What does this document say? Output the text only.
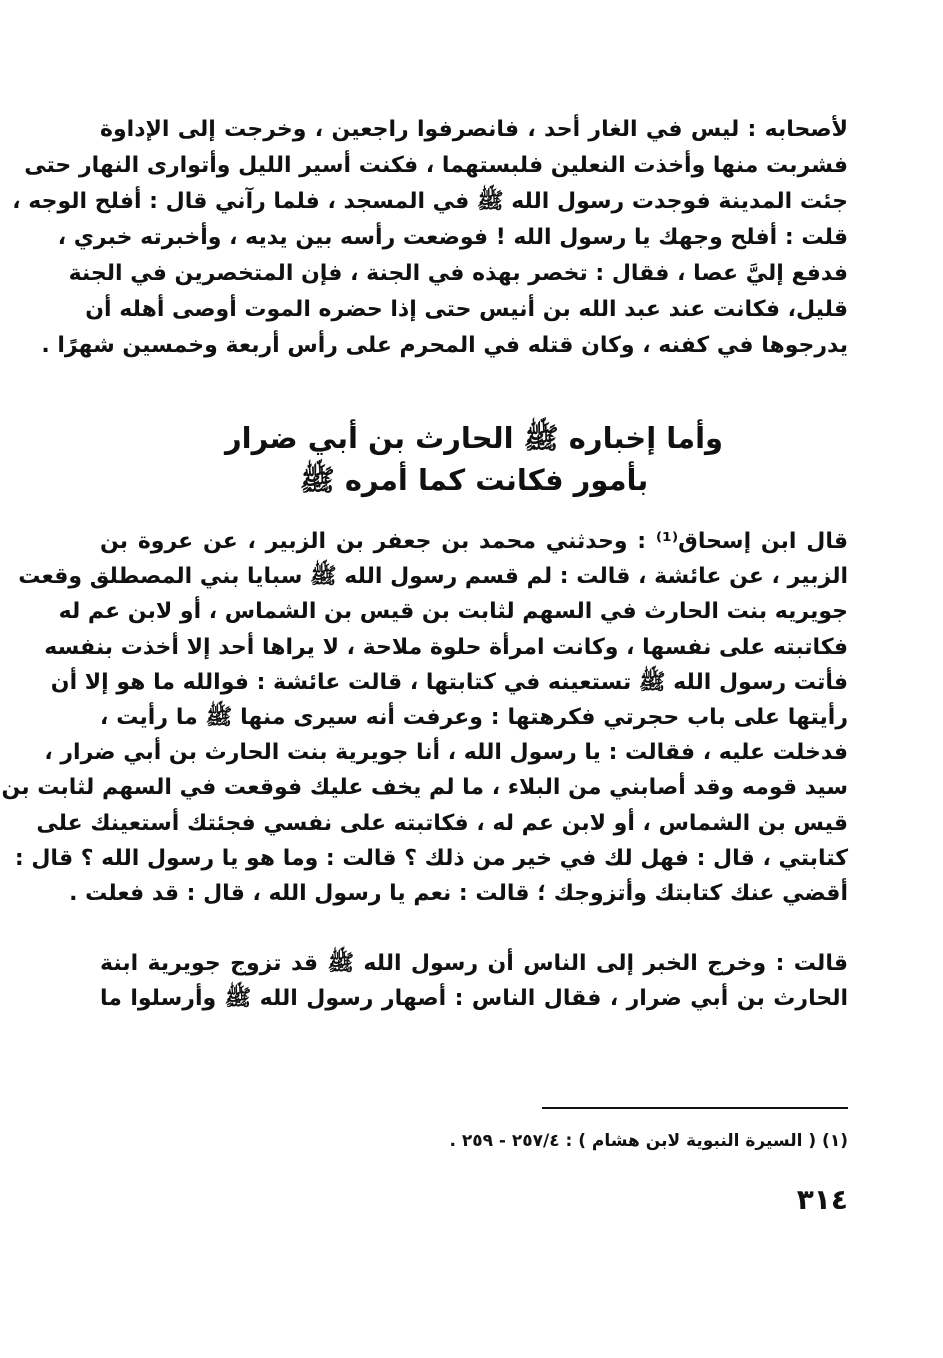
لأصحابه : ليس في الغار أحد ، فانصرفوا راجعين ، وخرجت إلى الإداوة
فشربت منها وأخذت النعلين فلبستهما ، فكنت أسير الليل وأتوارى النهار حتى
جئت المدينة فوجدت رسول الله ﷺ في المسجد ، فلما رآني قال : أفلح الوجه ،
قلت : أفلح وجهك يا رسول الله ! فوضعت رأسه بين يديه ، وأخبرته خبري ،
فدفع إليَّ عصا ، فقال : تخصر بهذه في الجنة ، فإن المتخصرين في الجنة
قليل، فكانت عند عبد الله بن أنيس حتى إذا حضره الموت أوصى أهله أن
يدرجوها في كفنه ، وكان قتله في المحرم على رأس أربعة وخمسين شهرًا .
وأما إخباره ﷺ الحارث بن أبي ضرار
بأمور فكانت كما أمره ﷺ
قال ابن إسحاق⁽¹⁾ : وحدثني محمد بن جعفر بن الزبير ، عن عروة بن
الزبير ، عن عائشة ، قالت : لم قسم رسول الله ﷺ سبايا بني المصطلق وقعت
جويريه بنت الحارث في السهم لثابت بن قيس بن الشماس ، أو لابن عم له
فكاتبته على نفسها ، وكانت امرأة حلوة ملاحة ، لا يراها أحد إلا أخذت بنفسه
فأتت رسول الله ﷺ تستعينه في كتابتها ، قالت عائشة : فوالله ما هو إلا أن
رأيتها على باب حجرتي فكرهتها : وعرفت أنه سيرى منها ﷺ ما رأيت ،
فدخلت عليه ، فقالت : يا رسول الله ، أنا جويرية بنت الحارث بن أبي ضرار ،
سيد قومه وقد أصابني من البلاء ، ما لم يخف عليك فوقعت في السهم لثابت بن
قيس بن الشماس ، أو لابن عم له ، فكاتبته على نفسي فجئتك أستعينك على
كتابتي ، قال : فهل لك في خير من ذلك ؟ قالت : وما هو يا رسول الله ؟ قال :
أقضي عنك كتابتك وأتزوجك ؛ قالت : نعم يا رسول الله ، قال : قد فعلت .
قالت : وخرج الخبر إلى الناس أن رسول الله ﷺ قد تزوج جويرية ابنة
الحارث بن أبي ضرار ، فقال الناس : أصهار رسول الله ﷺ وأرسلوا ما
(١) ( السيرة النبوية لابن هشام ) : ٢٥٧/٤ - ٢٥٩ .
٣١٤
